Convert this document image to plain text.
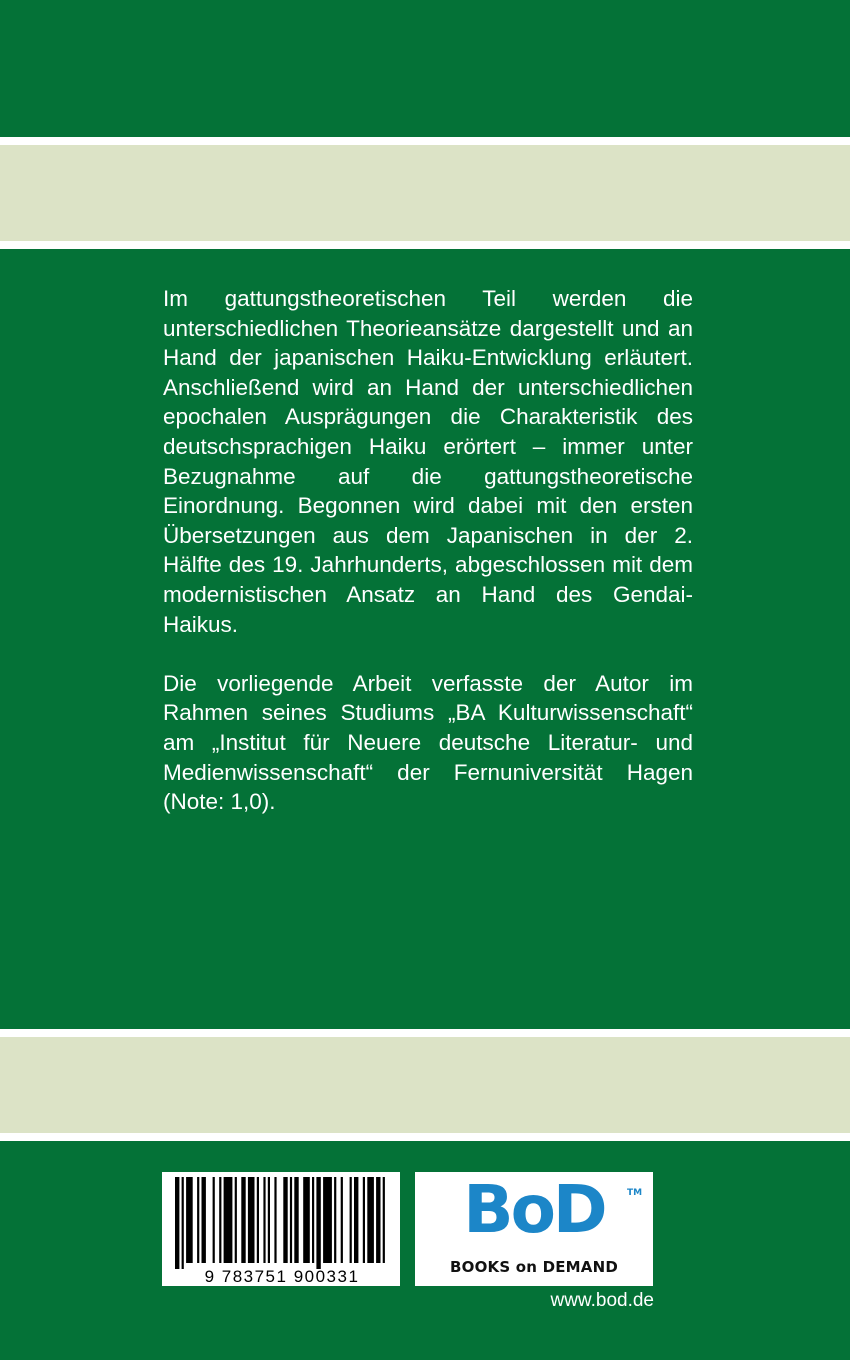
Im gattungstheoretischen Teil werden die unterschiedlichen Theorieansätze dargestellt und an Hand der japanischen Haiku-Entwicklung erläutert. Anschließend wird an Hand der unterschiedlichen epochalen Ausprägungen die Charakteristik des deutschsprachigen Haiku erörtert – immer unter Bezugnahme auf die gattungstheoretische Einordnung. Begonnen wird dabei mit den ersten Übersetzungen aus dem Japanischen in der 2. Hälfte des 19. Jahrhunderts, abgeschlossen mit dem modernistischen Ansatz an Hand des Gendai-Haikus.

Die vorliegende Arbeit verfasste der Autor im Rahmen seines Studiums „BA Kulturwissenschaft“ am „Institut für Neuere deutsche Literatur- und Medienwissenschaft“ der Fernuniversität Hagen (Note: 1,0).

9 783751 900331
BoD	TM
BOOKS on DEMAND
www.bod.de
